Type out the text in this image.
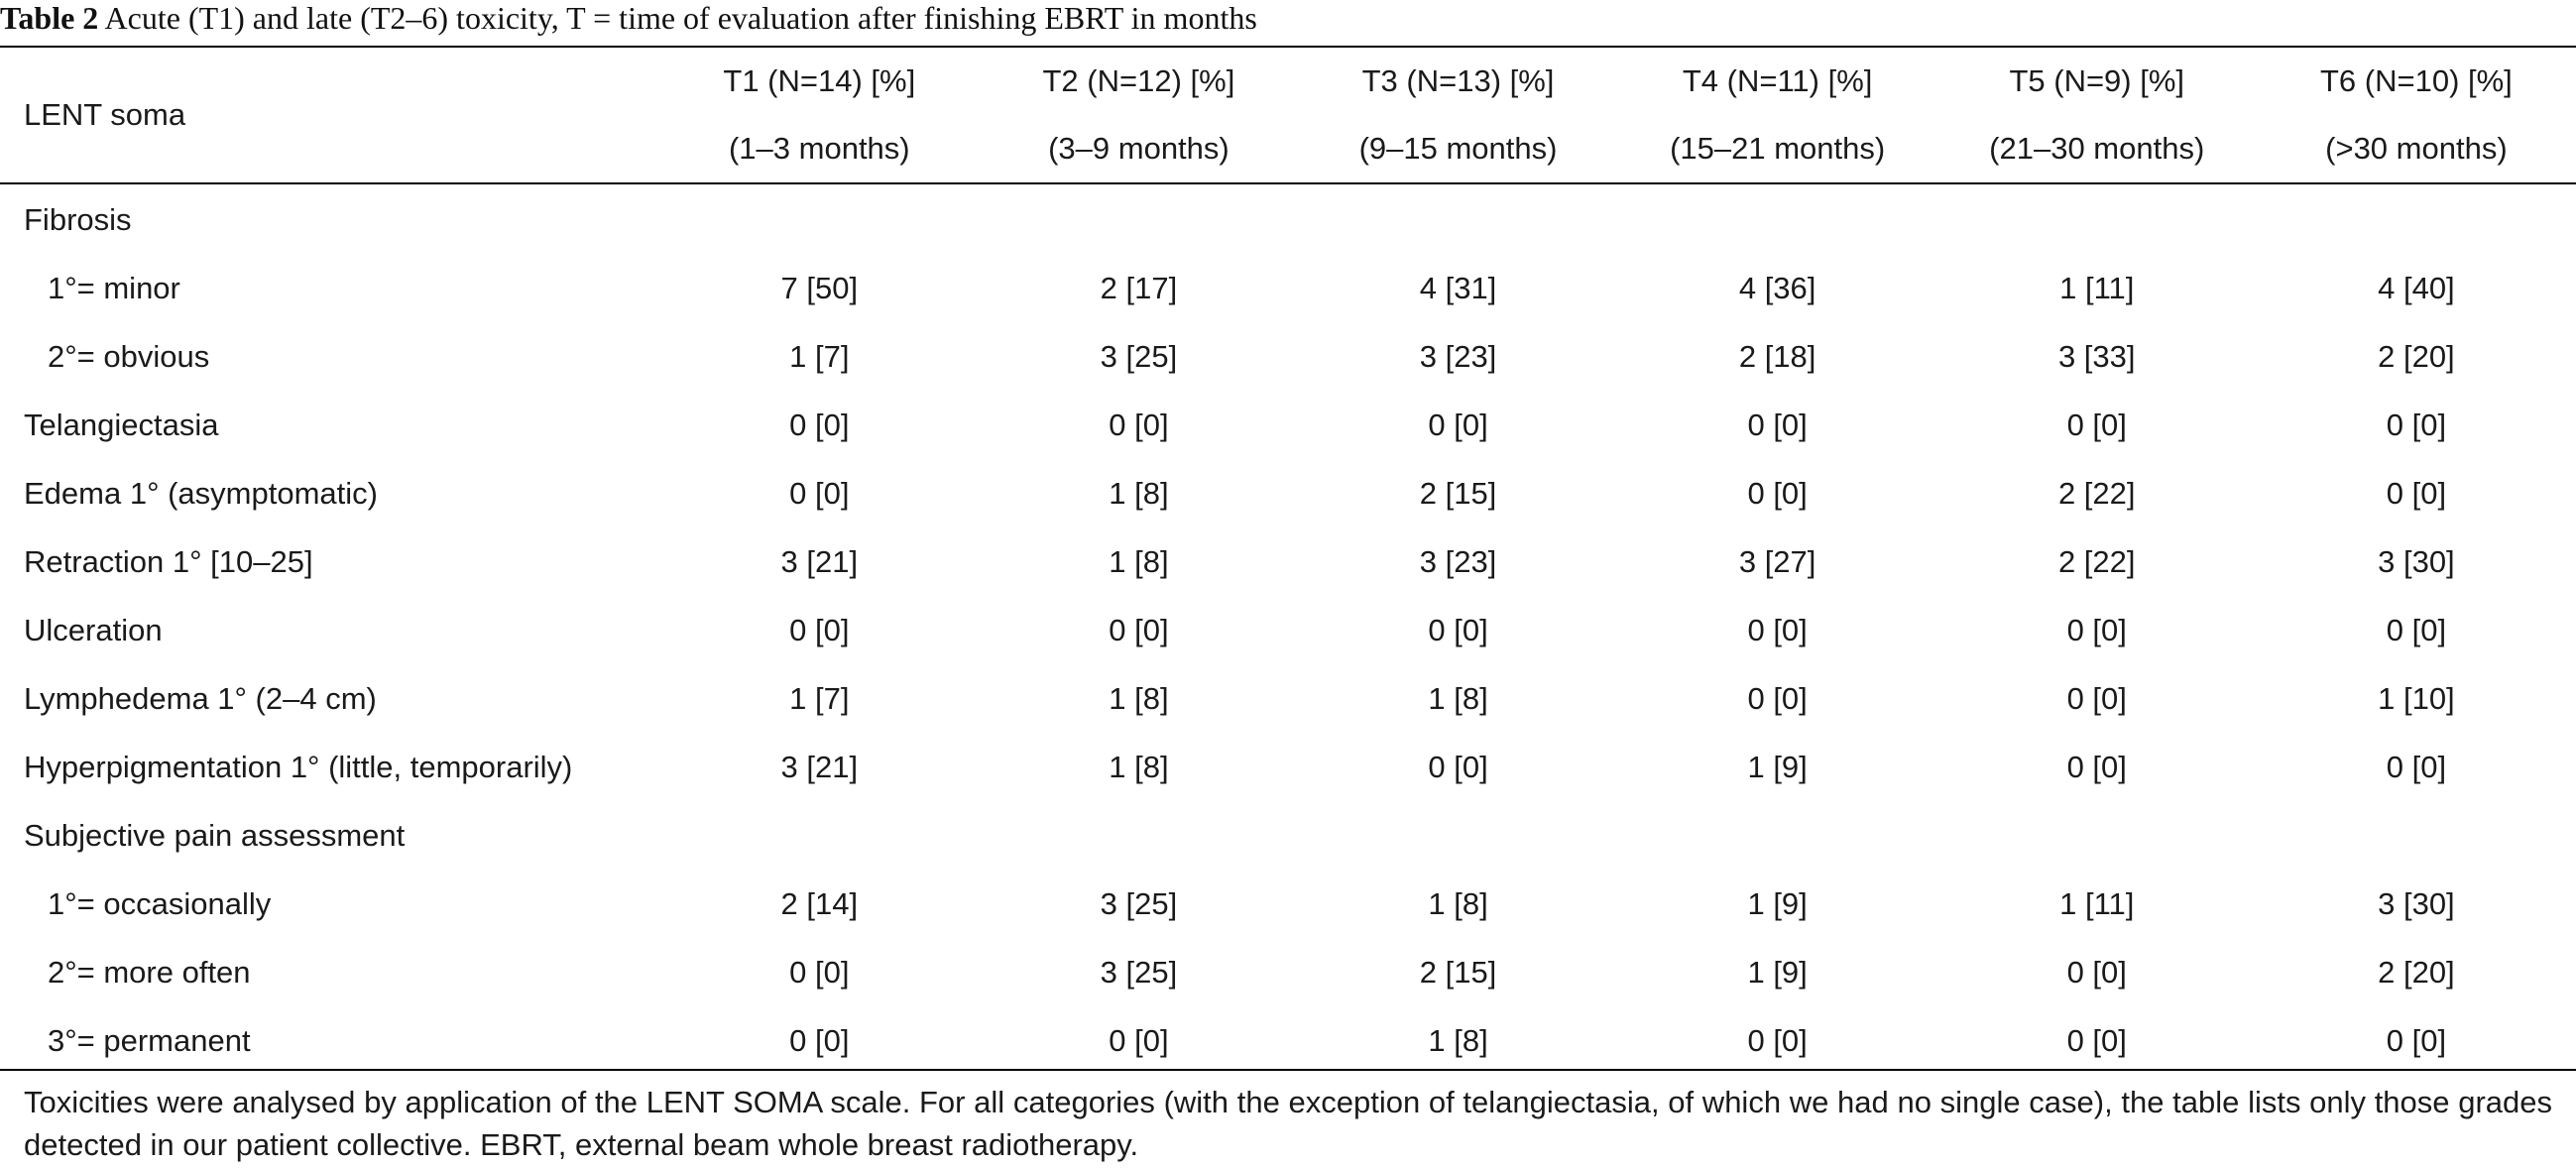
Table 2 Acute (T1) and late (T2–6) toxicity, T = time of evaluation after finishing EBRT in months
LENT soma	T1 (N=14) [%]	T2 (N=12) [%]	T3 (N=13) [%]	T4 (N=11) [%]	T5 (N=9) [%]	T6 (N=10) [%]
	(1–3 months)	(3–9 months)	(9–15 months)	(15–21 months)	(21–30 months)	(>30 months)
Fibrosis						
1°= minor	7 [50]	2 [17]	4 [31]	4 [36]	1 [11]	4 [40]
2°= obvious	1 [7]	3 [25]	3 [23]	2 [18]	3 [33]	2 [20]
Telangiectasia	0 [0]	0 [0]	0 [0]	0 [0]	0 [0]	0 [0]
Edema 1° (asymptomatic)	0 [0]	1 [8]	2 [15]	0 [0]	2 [22]	0 [0]
Retraction 1° [10–25]	3 [21]	1 [8]	3 [23]	3 [27]	2 [22]	3 [30]
Ulceration	0 [0]	0 [0]	0 [0]	0 [0]	0 [0]	0 [0]
Lymphedema 1° (2–4 cm)	1 [7]	1 [8]	1 [8]	0 [0]	0 [0]	1 [10]
Hyperpigmentation 1° (little, temporarily)	3 [21]	1 [8]	0 [0]	1 [9]	0 [0]	0 [0]
Subjective pain assessment						
1°= occasionally	2 [14]	3 [25]	1 [8]	1 [9]	1 [11]	3 [30]
2°= more often	0 [0]	3 [25]	2 [15]	1 [9]	0 [0]	2 [20]
3°= permanent	0 [0]	0 [0]	1 [8]	0 [0]	0 [0]	0 [0]
Toxicities were analysed by application of the LENT SOMA scale. For all categories (with the exception of telangiectasia, of which we had no single case), the table lists only those grades detected in our patient collective. EBRT, external beam whole breast radiotherapy.
